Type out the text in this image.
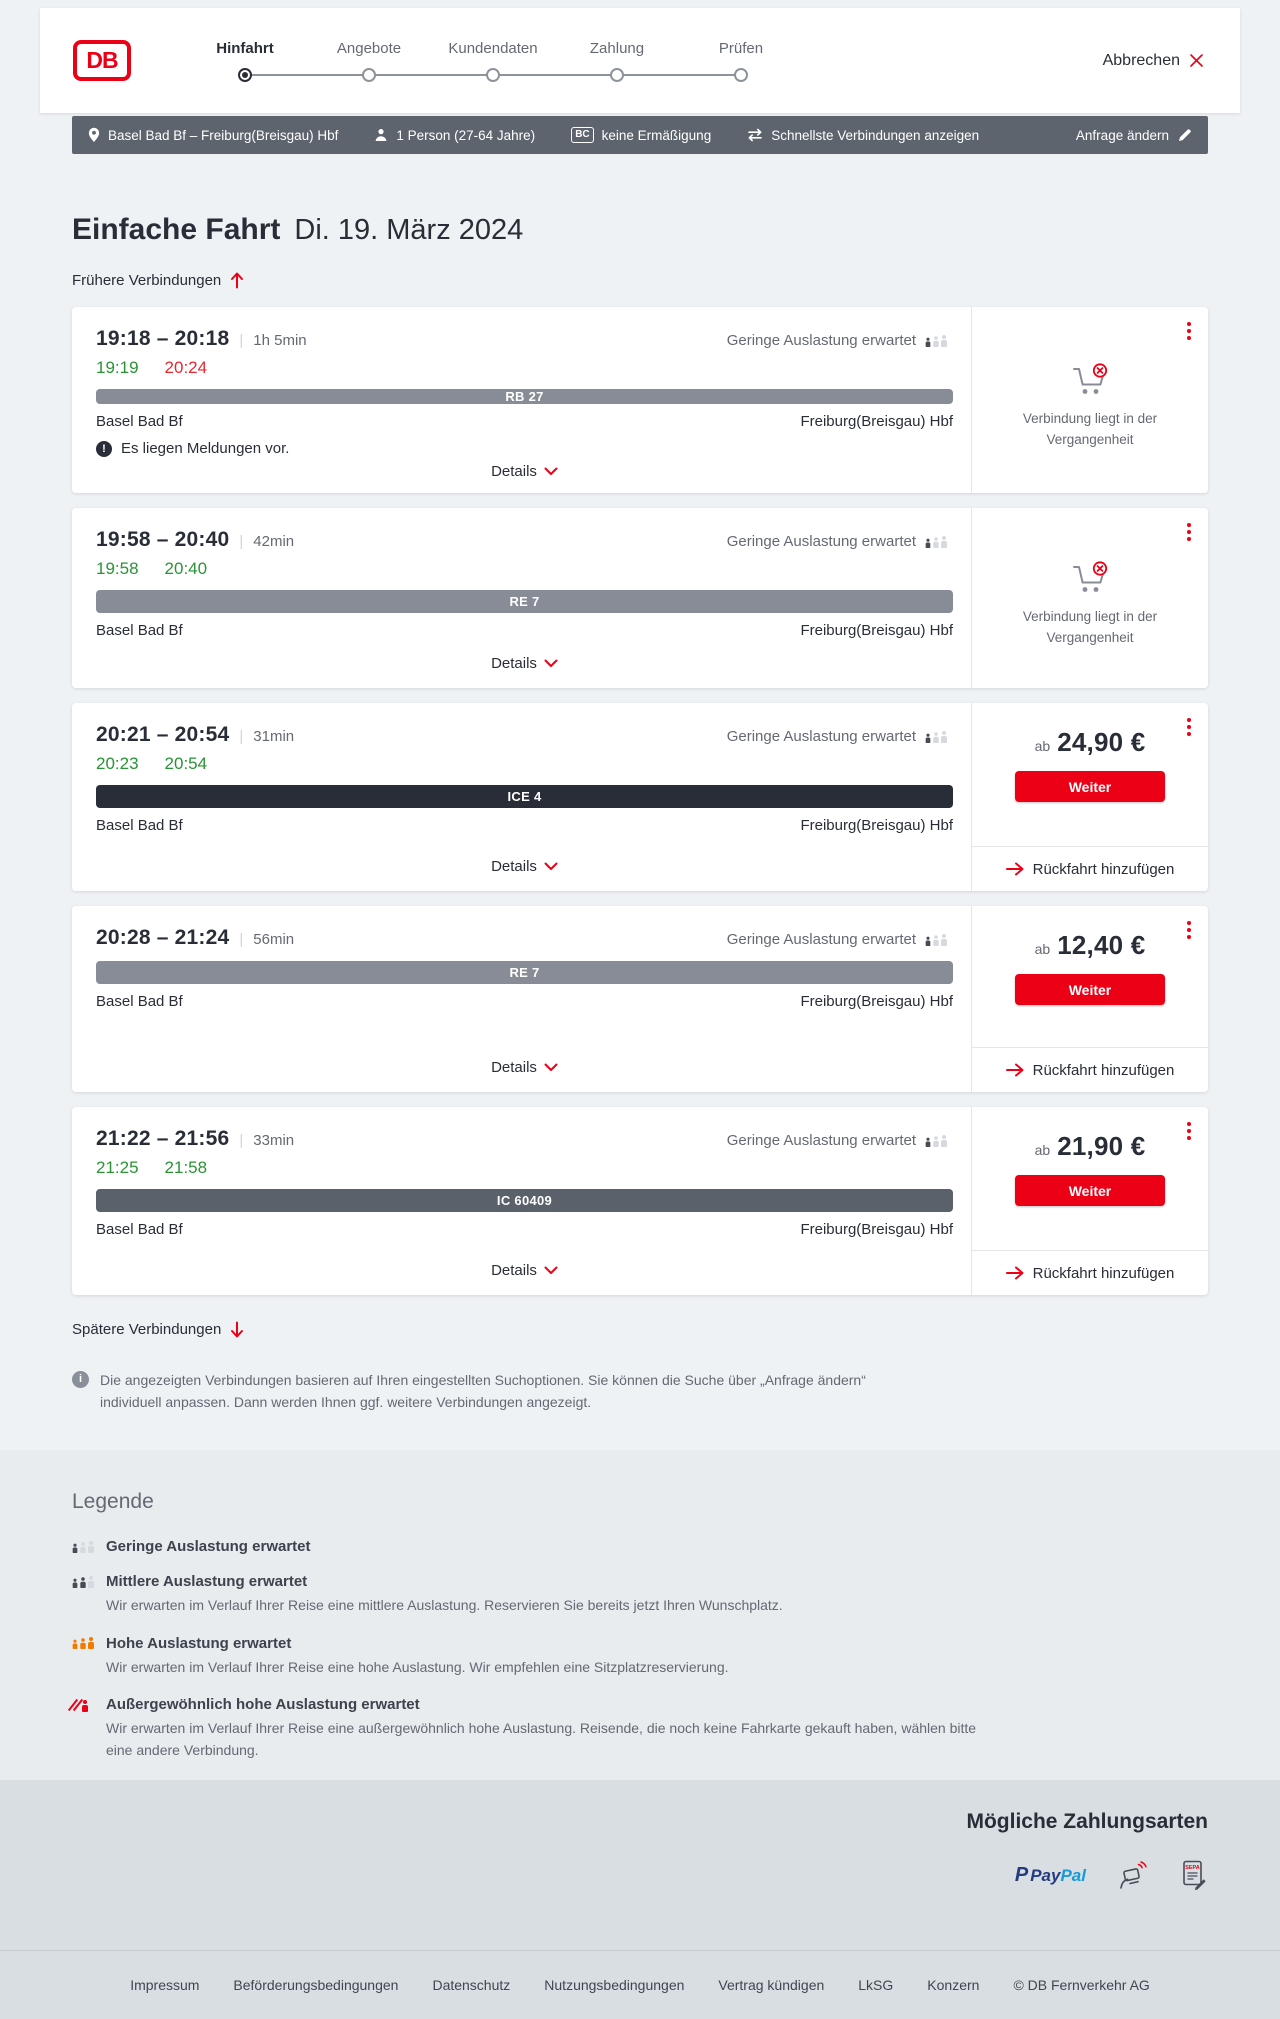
DB	Hinfahrt	Angebote	Kundendaten	Zahlung	Prüfen
Abbrechen
Basel Bad Bf – Freiburg(Breisgau) Hbf	1 Person (27-64 Jahre)	BC keine Ermäßigung	Schnellste Verbindungen anzeigen	Anfrage ändern
Einfache Fahrt Di. 19. März 2024
Frühere Verbindungen
19:18 – 20:18 | 1h 5min	Geringe Auslastung erwartet
19:19 20:24
RB 27
Basel Bad Bf	Freiburg(Breisgau) Hbf
!
Es liegen Meldungen vor.
Details

Verbindung liegt in der Vergangenheit

19:58 – 20:40 | 42min	Geringe Auslastung erwartet
19:58 20:40
RE 7
Basel Bad Bf	Freiburg(Breisgau) Hbf
Details

Verbindung liegt in der Vergangenheit

20:21 – 20:54 | 31min	Geringe Auslastung erwartet
20:23 20:54
ICE 4
Basel Bad Bf	Freiburg(Breisgau) Hbf
Details
ab 24,90 €
Weiter
Rückfahrt hinzufügen
20:28 – 21:24 | 56min	Geringe Auslastung erwartet
RE 7
Basel Bad Bf	Freiburg(Breisgau) Hbf
Details
ab 12,40 €
Weiter
Rückfahrt hinzufügen
21:22 – 21:56 | 33min	Geringe Auslastung erwartet
21:25 21:58
IC 60409
Basel Bad Bf	Freiburg(Breisgau) Hbf
Details
ab 21,90 €
Weiter
Rückfahrt hinzufügen
Spätere Verbindungen
i

Die angezeigten Verbindungen basieren auf Ihren eingestellten Suchoptionen. Sie können die Suche über „Anfrage ändern“ individuell anpassen. Dann werden Ihnen ggf. weitere Verbindungen angezeigt.

Legende
Geringe Auslastung erwartet
Mittlere Auslastung erwartet

Wir erwarten im Verlauf Ihrer Reise eine mittlere Auslastung. Reservieren Sie bereits jetzt Ihren Wunschplatz.

Hohe Auslastung erwartet

Wir erwarten im Verlauf Ihrer Reise eine hohe Auslastung. Wir empfehlen eine Sitzplatzreservierung.

Außergewöhnlich hohe Auslastung erwartet

Wir erwarten im Verlauf Ihrer Reise eine außergewöhnlich hohe Auslastung. Reisende, die noch keine Fahrkarte gekauft haben, wählen bitte eine andere Verbindung.

Mögliche Zahlungsarten
P Pay Pal	SEPA
Impressum Beförderungsbedingungen Datenschutz Nutzungsbedingungen Vertrag kündigen LkSG Konzern © DB Fernverkehr AG
